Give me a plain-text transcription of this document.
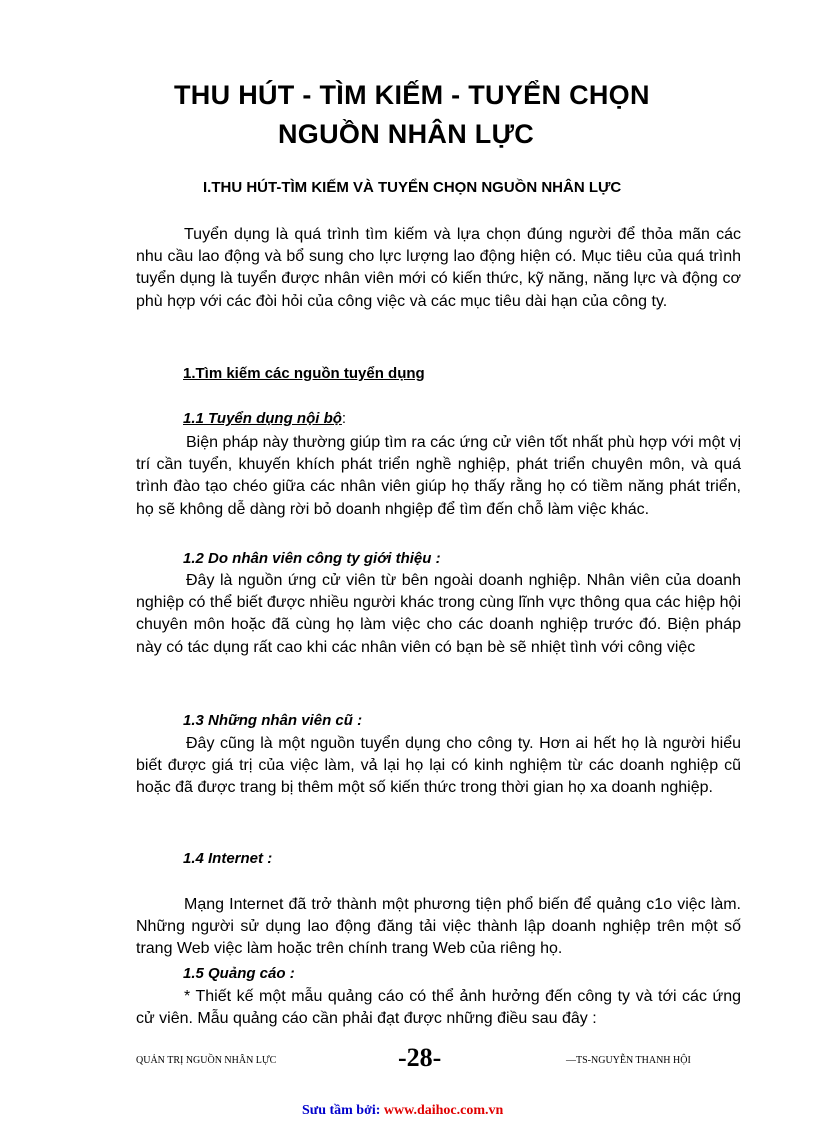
THU HÚT - TÌM KIẾM - TUYỂN CHỌN
NGUỒN NHÂN LỰC
I.THU HÚT-TÌM KIẾM VÀ TUYỂN CHỌN NGUỒN NHÂN LỰC

Tuyển dụng là quá trình tìm kiếm và lựa chọn đúng người để thỏa mãn các nhu cầu lao động và bổ sung cho lực lượng lao động hiện có. Mục tiêu của quá trình tuyển dụng là tuyển được nhân viên mới có kiến thức, kỹ năng, năng lực và động cơ phù hợp với các đòi hỏi của công việc và các mục tiêu dài hạn của công ty.

1.Tìm kiếm các nguồn tuyển dụng
1.1 Tuyển dụng nội bộ:

Biện pháp này thường giúp tìm ra các ứng cử viên tốt nhất phù hợp với một vị trí cần tuyển, khuyến khích phát triển nghề nghiệp, phát triển chuyên môn, và quá trình đào tạo chéo giữa các nhân viên giúp họ thấy rằng họ có tiềm năng phát triển, họ sẽ không dễ dàng rời bỏ doanh nhgiệp để tìm đến chỗ làm việc khác.

1.2 Do nhân viên công ty giới thiệu :

Đây là nguồn ứng cử viên từ bên ngoài doanh nghiệp. Nhân viên của doanh nghiệp có thể biết được nhiều người khác trong cùng lĩnh vực thông qua các hiệp hội chuyên môn hoặc đã cùng họ làm việc cho các doanh nghiệp trước đó. Biện pháp này có tác dụng rất cao khi các nhân viên có bạn bè sẽ nhiệt tình với công việc

1.3 Những nhân viên cũ :

Đây cũng là một nguồn tuyển dụng cho công ty. Hơn ai hết họ là người hiểu biết được giá trị của việc làm, vả lại họ lại có kinh nghiệm từ các doanh nghiệp cũ hoặc đã được trang bị thêm một số kiến thức trong thời gian họ xa doanh nghiệp.

1.4 Internet :

Mạng Internet đã trở thành một phương tiện phổ biến để quảng c1o việc làm. Những người sử dụng lao động đăng tải việc thành lập doanh nghiệp trên một số trang Web việc làm hoặc trên chính trang Web của riêng họ.

1.5 Quảng cáo :

* Thiết kế một mẫu quảng cáo có thể ảnh hưởng đến công ty và tới các ứng cử viên. Mẫu quảng cáo cần phải đạt được những điều sau đây :

QUẢN TRỊ NGUỒN NHÂN LỰC	-28-	—TS-NGUYỄN THANH HỘI
Sưu tầm bởi: www.daihoc.com.vn
